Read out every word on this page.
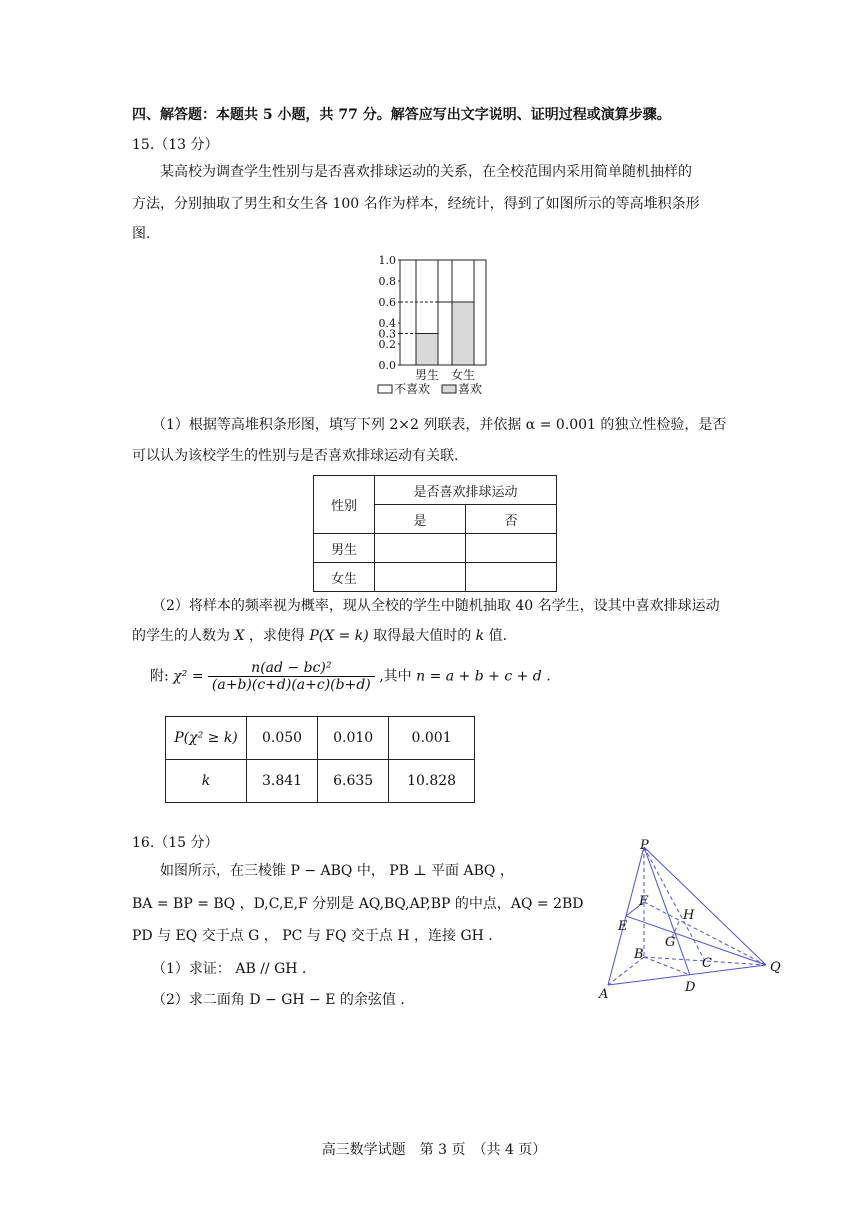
四、解答题：本题共 5 小题，共 77 分。解答应写出文字说明、证明过程或演算步骤。
15.（13 分）
某高校为调查学生性别与是否喜欢排球运动的关系，在全校范围内采用简单随机抽样的
方法，分别抽取了男生和女生各 100 名作为样本，经统计，得到了如图所示的等高堆积条形
图.
0.0
0.2
0.3
0.4
0.6
0.8
1.0
男生 女生
不喜欢 喜欢
（1）根据等高堆积条形图，填写下列 2×2 列联表，并依据 α = 0.001 的独立性检验，是否
可以认为该校学生的性别与是否喜欢排球运动有关联.
性别	是否喜欢排球运动	
	是	否
男生		
女生		
（2）将样本的频率视为概率，现从全校的学生中随机抽取 40 名学生，设其中喜欢排球运动
的学生的人数为 X ，求使得 P(X = k) 取得最大值时的 k 值.
附: $\chi^2 = \frac{\text{n(ad − bc)²}}{(a+b)(c+d)(a+c)(b+d)}$ ,其中 n = a + b + c + d .
P(χ² ≥ k)	0.050	0.010	0.001
k	3.841	6.635	10.828
16.（15 分）
如图所示，在三棱锥 P − ABQ 中， PB ⊥ 平面 ABQ ，
BA = BP = BQ ，D,C,E,F 分别是 AQ,BQ,AP,BP 的中点，AQ = 2BD
PD 与 EQ 交于点 G ， PC 与 FQ 交于点 H ，连接 GH .
（1）求证： AB // GH .
（2）求二面角 D − GH − E 的余弦值 .
P
F
H
E
G
B
C	Q
A	D
高三数学试题　第 3 页　（共 4 页）
